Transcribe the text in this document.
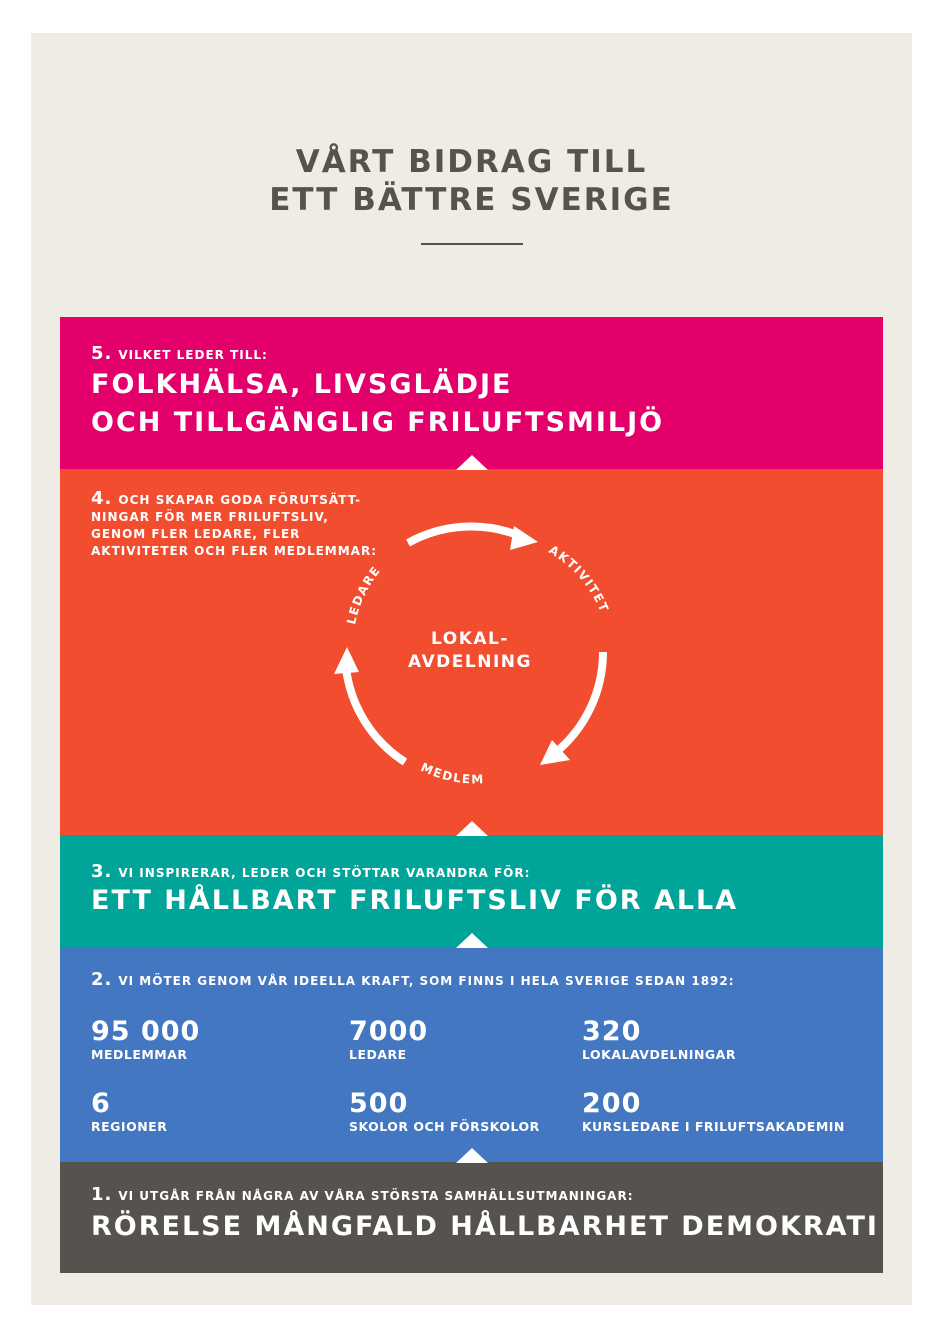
VÅRT BIDRAG TILL
ETT BÄTTRE SVERIGE
5. VILKET LEDER TILL:
FOLKHÄLSA, LIVSGLÄDJE
OCH TILLGÄNGLIG FRILUFTSMILJÖ
4. OCH SKAPAR GODA FÖRUTSÄTT-NINGAR FÖR MER FRILUFTSLIV, GENOM FLER LEDARE, FLER AKTIVITETER OCH FLER MEDLEMMAR:
LEDARE
AKTIVITET
MEDLEM

LOKAL-
AVDELNING

3. VI INSPIRERAR, LEDER OCH STÖTTAR VARANDRA FÖR:
ETT HÅLLBART FRILUFTSLIV FÖR ALLA
2. VI MÖTER GENOM VÅR IDEELLA KRAFT, SOM FINNS I HELA SVERIGE SEDAN 1892:
95 000
MEDLEMMAR
7000
LEDARE
320
LOKALAVDELNINGAR
6
REGIONER
500
SKOLOR OCH FÖRSKOLOR
200
KURSLEDARE I FRILUFTSAKADEMIN
1. VI UTGÅR FRÅN NÅGRA AV VÅRA STÖRSTA SAMHÄLLSUTMANINGAR:
RÖRELSE MÅNGFALD HÅLLBARHET DEMOKRATI
